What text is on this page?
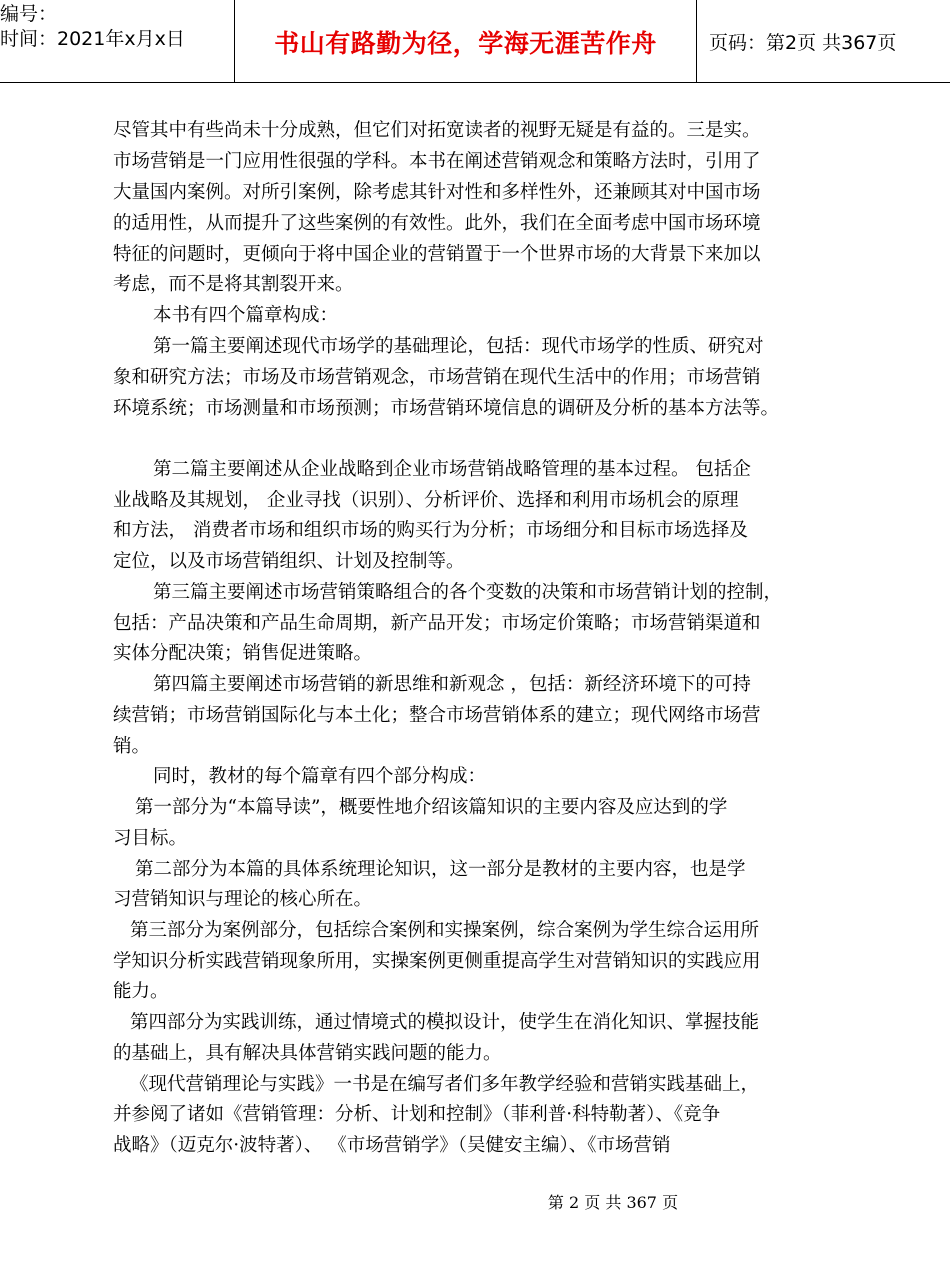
编号：
时间：2021年x月x日	书山有路勤为径，学海无涯苦作舟	页码：第2页 共367页
尽管其中有些尚未十分成熟，但它们对拓宽读者的视野无疑是有益的。三是实。
市场营销是一门应用性很强的学科。本书在阐述营销观念和策略方法时，引用了
大量国内案例。对所引案例，除考虑其针对性和多样性外，还兼顾其对中国市场
的适用性，从而提升了这些案例的有效性。此外，我们在全面考虑中国市场环境
特征的问题时，更倾向于将中国企业的营销置于一个世界市场的大背景下来加以
考虑，而不是将其割裂开来。
本书有四个篇章构成：
第一篇主要阐述现代市场学的基础理论，包括：现代市场学的性质、研究对
象和研究方法；市场及市场营销观念，市场营销在现代生活中的作用；市场营销
环境系统；市场测量和市场预测；市场营销环境信息的调研及分析的基本方法等。
第二篇主要阐述从企业战略到企业市场营销战略管理的基本过程。 包括企
业战略及其规划， 企业寻找（识别）、分析评价、选择和利用市场机会的原理
和方法， 消费者市场和组织市场的购买行为分析；市场细分和目标市场选择及
定位，以及市场营销组织、计划及控制等。
第三篇主要阐述市场营销策略组合的各个变数的决策和市场营销计划的控制，
包括：产品决策和产品生命周期，新产品开发；市场定价策略；市场营销渠道和
实体分配决策；销售促进策略。
第四篇主要阐述市场营销的新思维和新观念 ，包括：新经济环境下的可持
续营销；市场营销国际化与本土化；整合市场营销体系的建立；现代网络市场营
销。
同时，教材的每个篇章有四个部分构成：
第一部分为“本篇导读”，概要性地介绍该篇知识的主要内容及应达到的学
习目标。
第二部分为本篇的具体系统理论知识，这一部分是教材的主要内容，也是学
习营销知识与理论的核心所在。
第三部分为案例部分，包括综合案例和实操案例，综合案例为学生综合运用所
学知识分析实践营销现象所用，实操案例更侧重提高学生对营销知识的实践应用
能力。
第四部分为实践训练，通过情境式的模拟设计，使学生在消化知识、掌握技能
的基础上，具有解决具体营销实践问题的能力。
《现代营销理论与实践》一书是在编写者们多年教学经验和营销实践基础上，
并参阅了诸如《营销管理：分析、计划和控制》（菲利普·科特勒著）、《竞争
战略》（迈克尔·波特著）、 《市场营销学》（吴健安主编）、《市场营销
第 2 页 共 367 页
